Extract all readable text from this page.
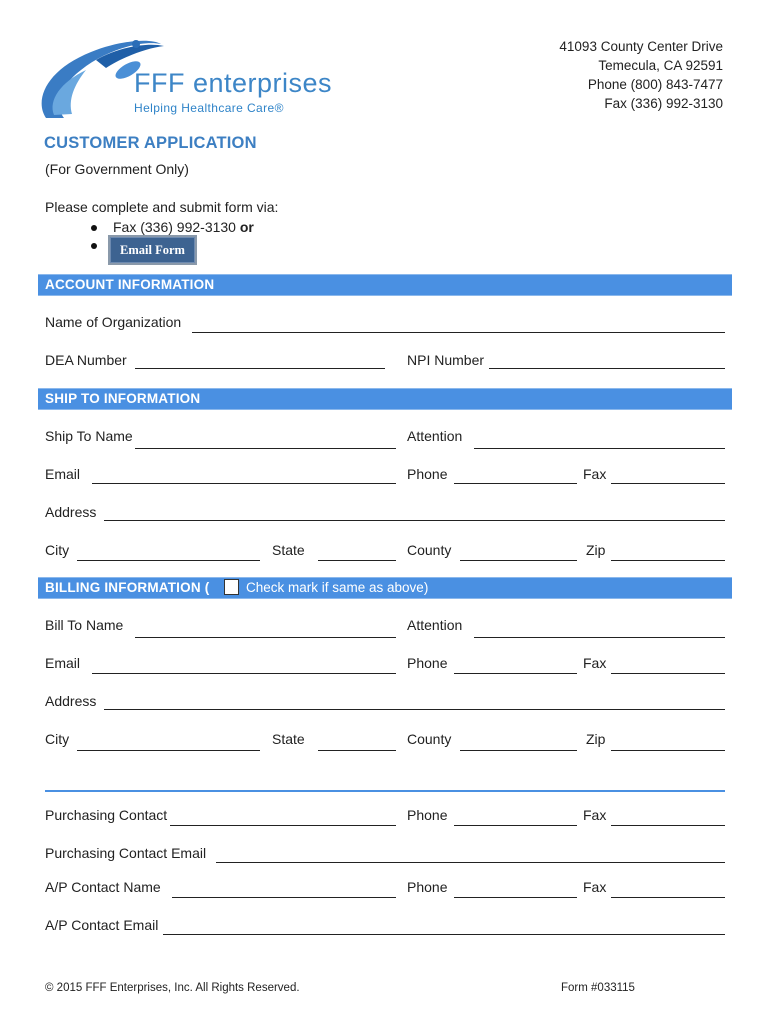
FFF enterprises
Helping Healthcare Care®
41093 County Center Drive
Temecula, CA 92591
Phone (800) 843-7477
Fax (336) 992-3130
CUSTOMER APPLICATION
(For Government Only)
Please complete and submit form via:
Fax (336) 992-3130 or
Email Form
ACCOUNT INFORMATION
Name of Organization
DEA Number	NPI Number
SHIP TO INFORMATION
Ship To Name	Attention
Email	Phone	Fax
Address
City	State	County	Zip
BILLING INFORMATION (	Check mark if same as above)
Bill To Name	Attention
Email	Phone	Fax
Address
City	State	County	Zip
Purchasing Contact	Phone	Fax
Purchasing Contact Email
A/P Contact Name	Phone	Fax
A/P Contact Email
© 2015 FFF Enterprises, Inc. All Rights Reserved.	Form #033115
